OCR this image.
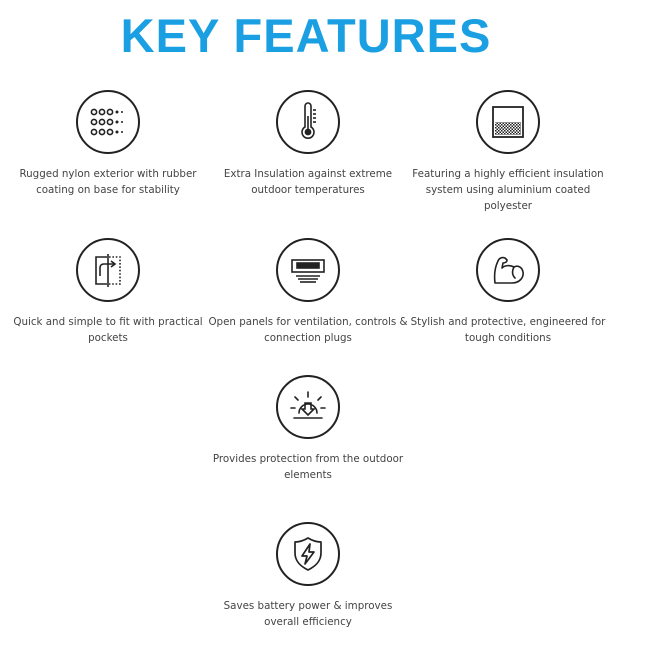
KEY FEATURES
Rugged nylon exterior with rubber coating on base for stability
Extra Insulation against extreme outdoor temperatures
Featuring a highly efficient insulation system using aluminium coated polyester
Quick and simple to fit with practical pockets
Open panels for ventilation, controls & connection plugs
Stylish and protective, engineered for tough conditions
Provides protection from the outdoor elements
Saves battery power & improves overall efficiency
